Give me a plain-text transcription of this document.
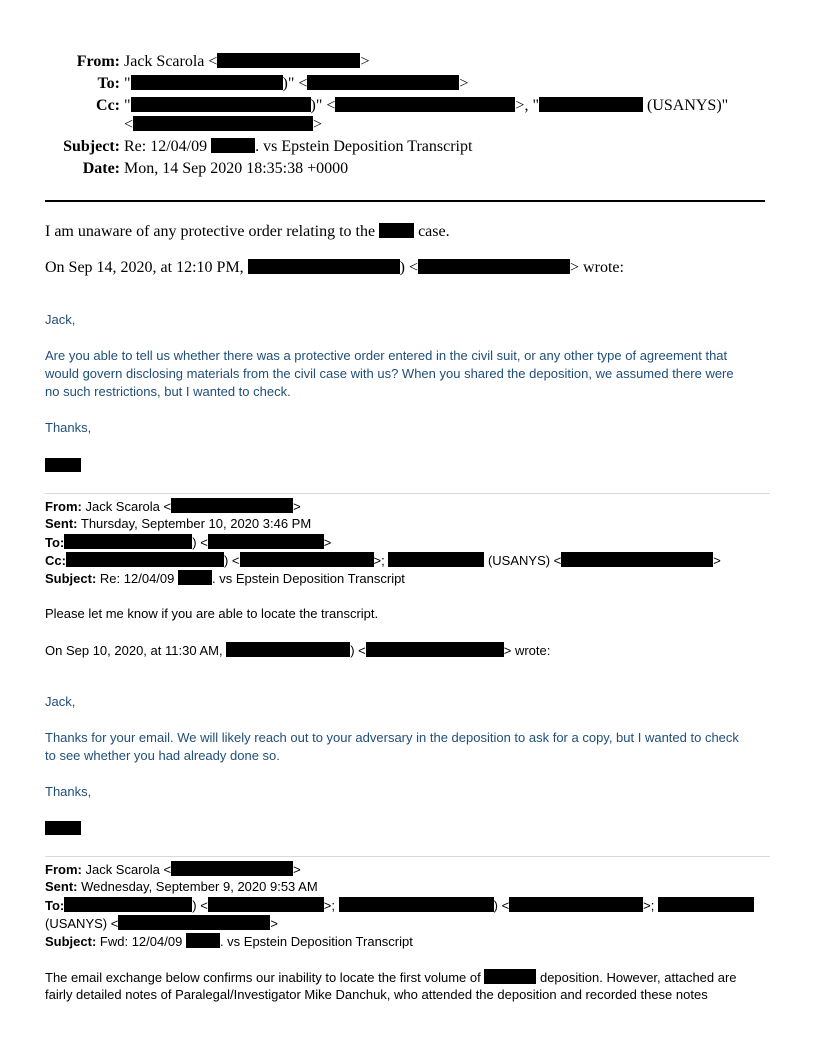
From: Jack Scarola <	>
To: "	)" <	>
Cc: "	)" <	>, "	(USANYS)"
<	>
Subject: Re: 12/04/09	. vs Epstein Deposition Transcript
Date: Mon, 14 Sep 2020 18:35:38 +0000
I am unaware of any protective order relating to the	case.
On Sep 14, 2020, at 12:10 PM,	) <	> wrote:
Jack,
Are you able to tell us whether there was a protective order entered in the civil suit, or any other type of agreement that
would govern disclosing materials from the civil case with us? When you shared the deposition, we assumed there were
no such restrictions, but I wanted to check.
Thanks,
From: Jack Scarola <	>
Sent: Thursday, September 10, 2020 3:46 PM
To:	) <	>
Cc:	) <	>;	(USANYS) <	>
Subject: Re: 12/04/09	. vs Epstein Deposition Transcript
Please let me know if you are able to locate the transcript.
On Sep 10, 2020, at 11:30 AM,	) <	> wrote:
Jack,
Thanks for your email. We will likely reach out to your adversary in the deposition to ask for a copy, but I wanted to check
to see whether you had already done so.
Thanks,
From: Jack Scarola <	>
Sent: Wednesday, September 9, 2020 9:53 AM
To:	) <	>;	) <	>;
(USANYS) <	>
Subject: Fwd: 12/04/09	. vs Epstein Deposition Transcript
The email exchange below confirms our inability to locate the first volume of	deposition. However, attached are
fairly detailed notes of Paralegal/Investigator Mike Danchuk, who attended the deposition and recorded these notes
